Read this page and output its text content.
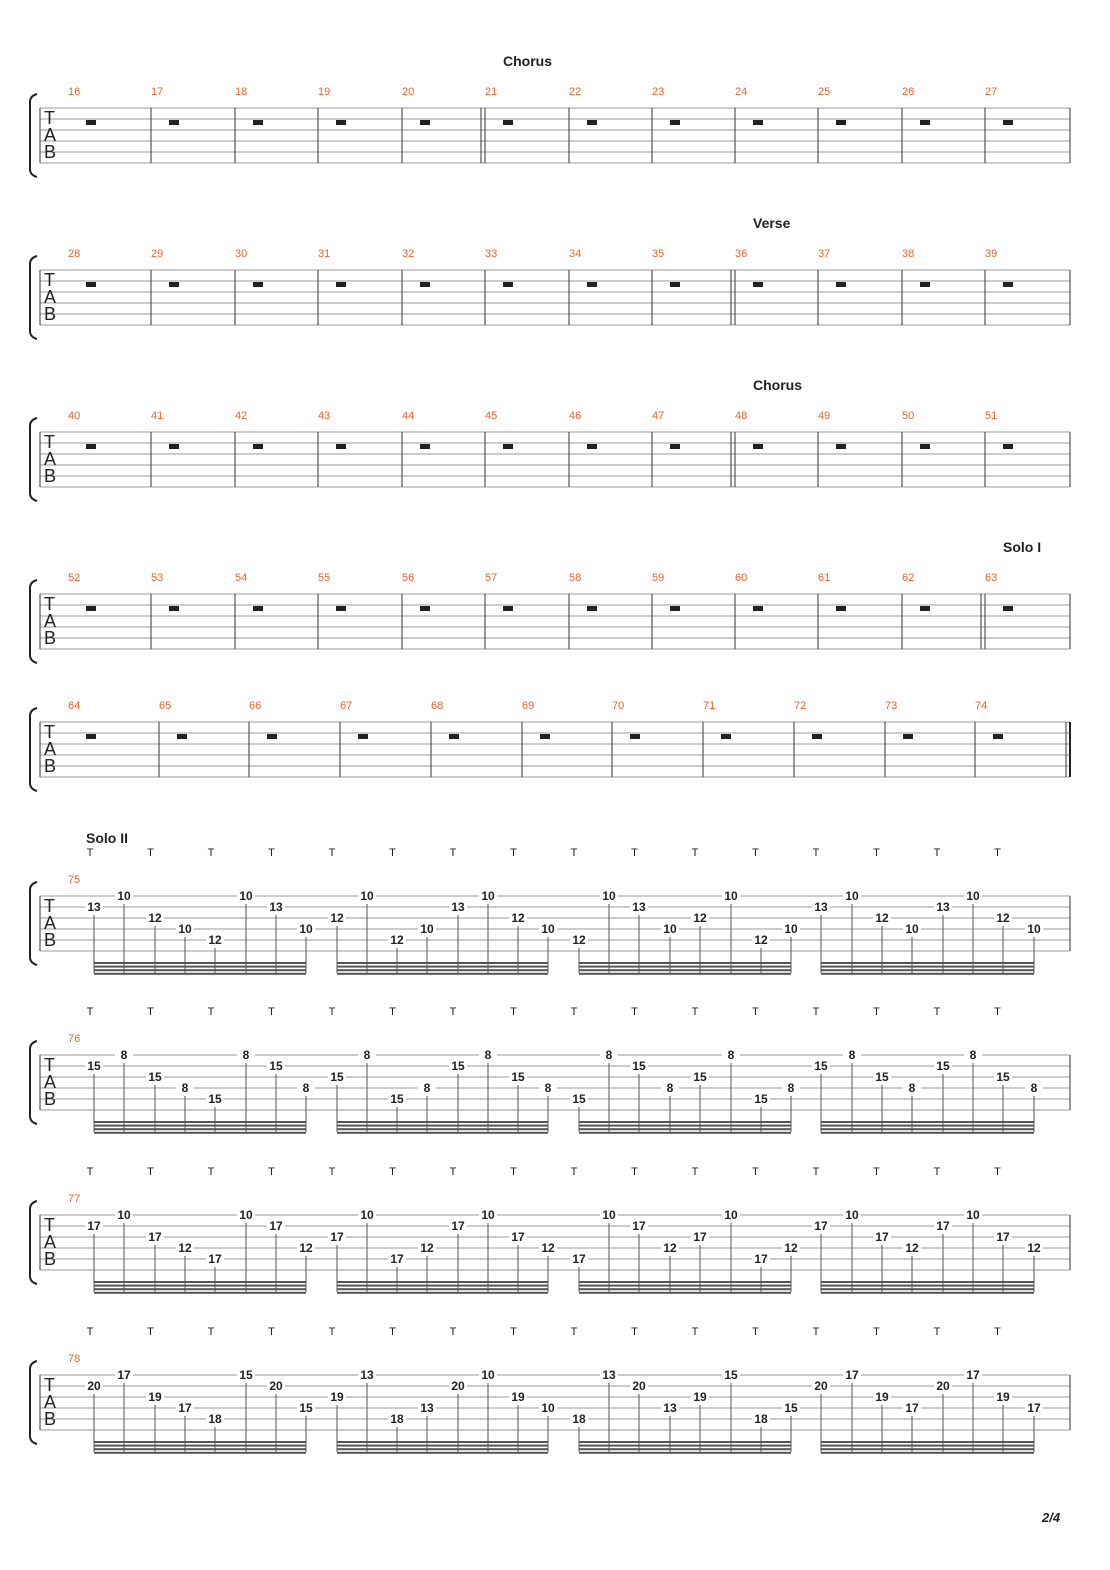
T
A
B
16	17	18	19	20	21	22	23	24	25	26	27
Chorus
T
A
B
28	29	30	31	32	33	34	35	36	37	38	39
Verse
T
A
B
40	41	42	43	44	45	46	47	48	49	50	51
Chorus
T
A
B
52	53	54	55	56	57	58	59	60	61	62	63
Solo I
T
A
B
64	65	66	67	68	69	70	71	72	73	74
T
A
B
75
Solo II
T	T	T	T	T	T	T	T	T	T	T	T	T	T	T	T
13
10
12
10
12
10
13
10
12
10
12
10
13
10
12
10
12
10
13
10
12
10
12
10
13
10
12
10
13
10
12
10
T
A
B
76
T	T	T	T	T	T	T	T	T	T	T	T	T	T	T	T
15
8
15
8
15
8
15
8
15
8
15
8
15
8
15
8
15
8
15
8
15
8
15
8
15
8
15
8
15
8
15
8
T
A
B
77
T	T	T	T	T	T	T	T	T	T	T	T	T	T	T	T
17
10
17
12
17
10
17
12
17
10
17
12
17
10
17
12
17
10
17
12
17
10
17
12
17
10
17
12
17
10
17
12
T
A
B
78
T	T	T	T	T	T	T	T	T	T	T	T	T	T	T	T
20
17
19
17
18
15
20
15
19
13
18
13
20
10
19
10
18
13
20
13
19
15
18
15
20
17
19
17
20
17
19
17
2/4
